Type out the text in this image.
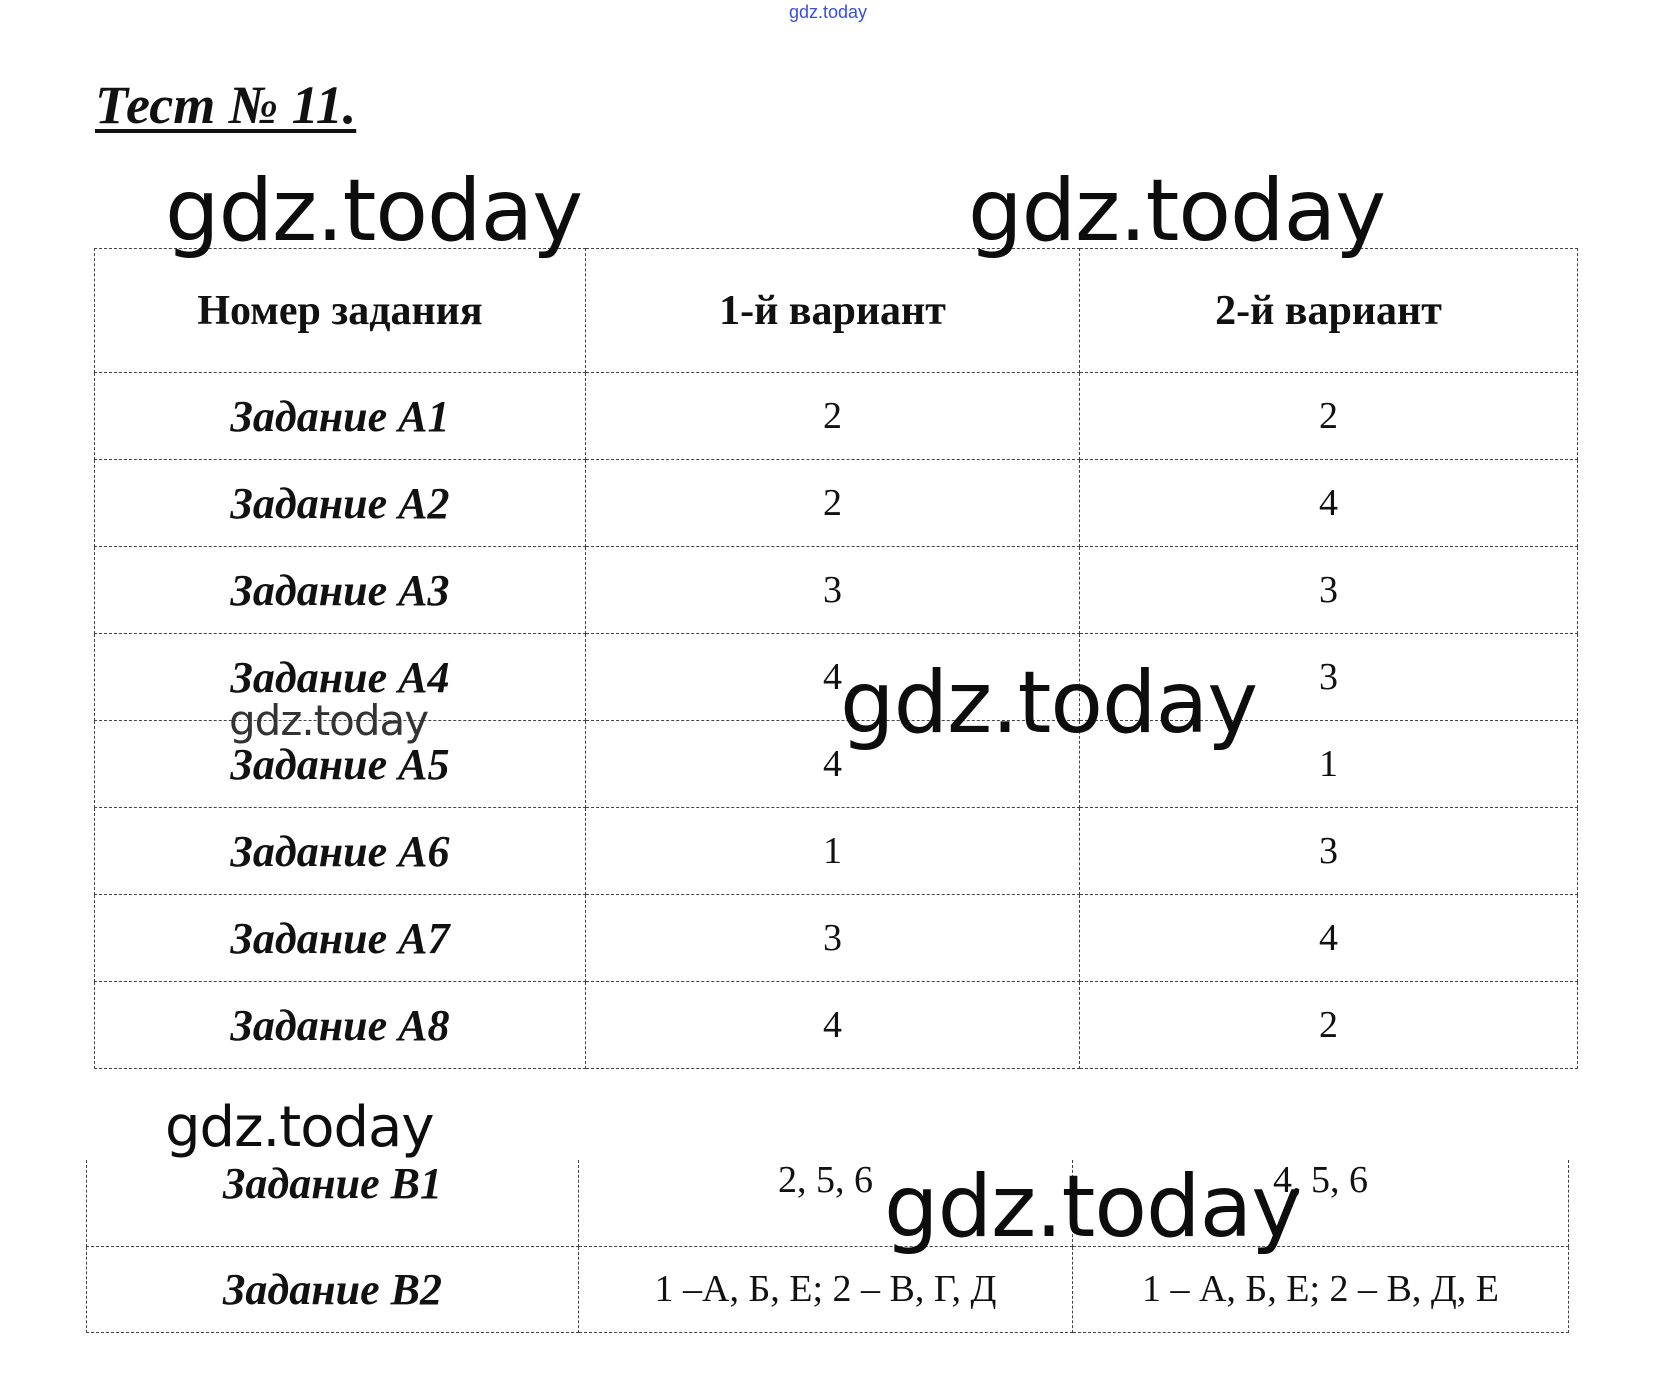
gdz.today
Тест № 11.
Номер задания	1-й вариант	2-й вариант
Задание А1	2	2
Задание А2	2	4
Задание А3	3	3
Задание А4	4	3
Задание А5	4	1
Задание А6	1	3
Задание А7	3	4
Задание А8	4	2
Задание В1	2, 5, 6	4, 5, 6
Задание В2	1 –А, Б, Е; 2 – В, Г, Д	1 – А, Б, Е; 2 – В, Д, Е
gdz.today	gdz.today
gdz.today
gdz.today
gdz.today
gdz.today
